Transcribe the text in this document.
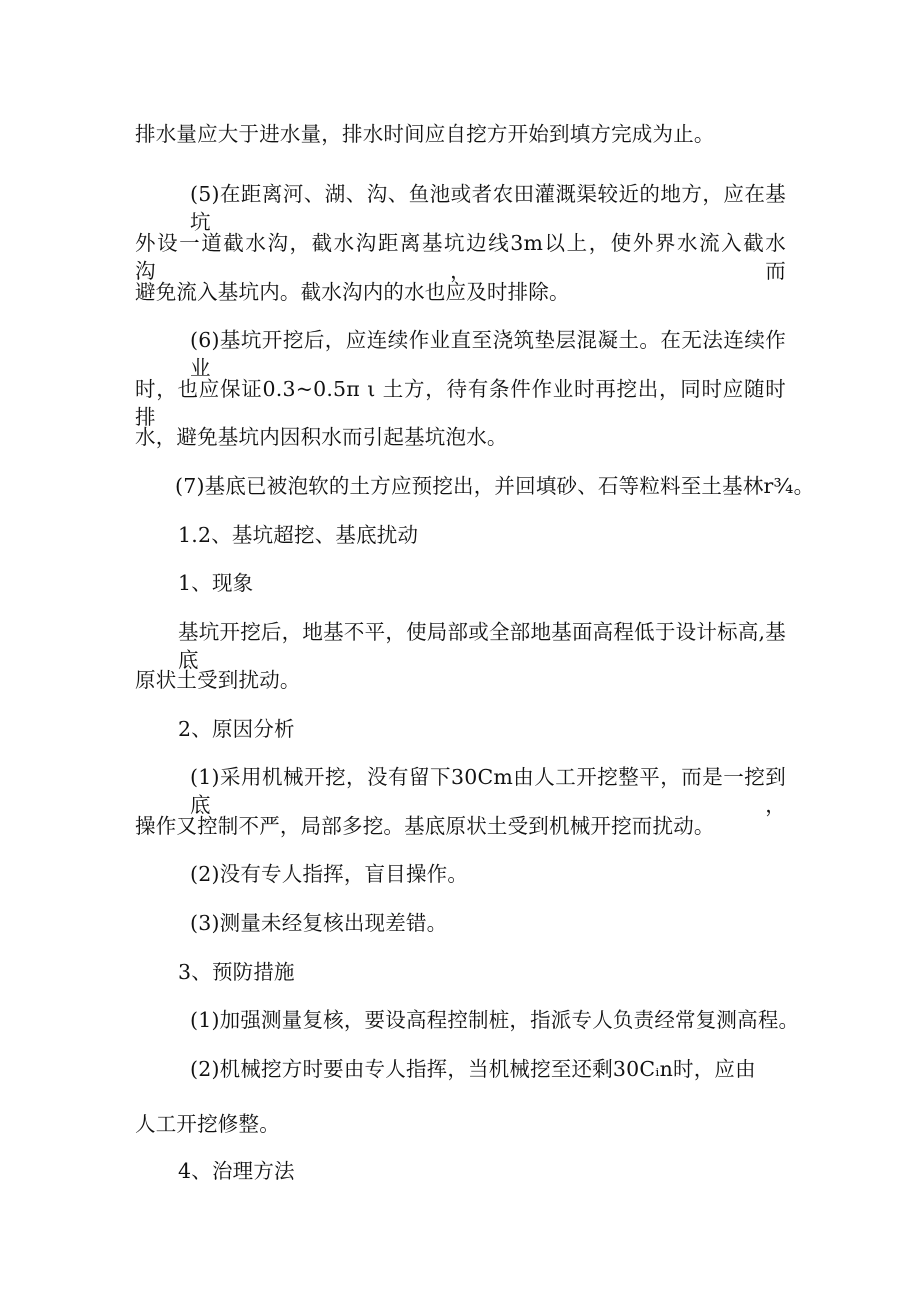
排水量应大于进水量，排水时间应自挖方开始到填方完成为止。
(5)在距离河、湖、沟、鱼池或者农田灌溉渠较近的地方，应在基坑
外设一道截水沟，截水沟距离基坑边线3m以上，使外界水流入截水沟，而
避免流入基坑内。截水沟内的水也应及时排除。
(6)基坑开挖后，应连续作业直至浇筑垫层混凝土。在无法连续作业
时，也应保证0.3~0.5π ι 土方，待有条件作业时再挖出，同时应随时排
水，避免基坑内因积水而引起基坑泡水。
(7)基底已被泡软的土方应预挖出，并回填砂、石等粒料至土基林r¾。
1.2、基坑超挖、基底扰动
1、现象
基坑开挖后，地基不平，使局部或全部地基面高程低于设计标高,基底
原状土受到扰动。
2、原因分析
(1)采用机械开挖，没有留下30Cm由人工开挖整平，而是一挖到底，
操作又控制不严，局部多挖。基底原状土受到机械开挖而扰动。
(2)没有专人指挥，盲目操作。
(3)测量未经复核出现差错。
3、预防措施
(1)加强测量复核，要设高程控制桩，指派专人负责经常复测高程。
(2)机械挖方时要由专人指挥，当机械挖至还剩30Cᵢn时，应由
人工开挖修整。
4、治理方法
